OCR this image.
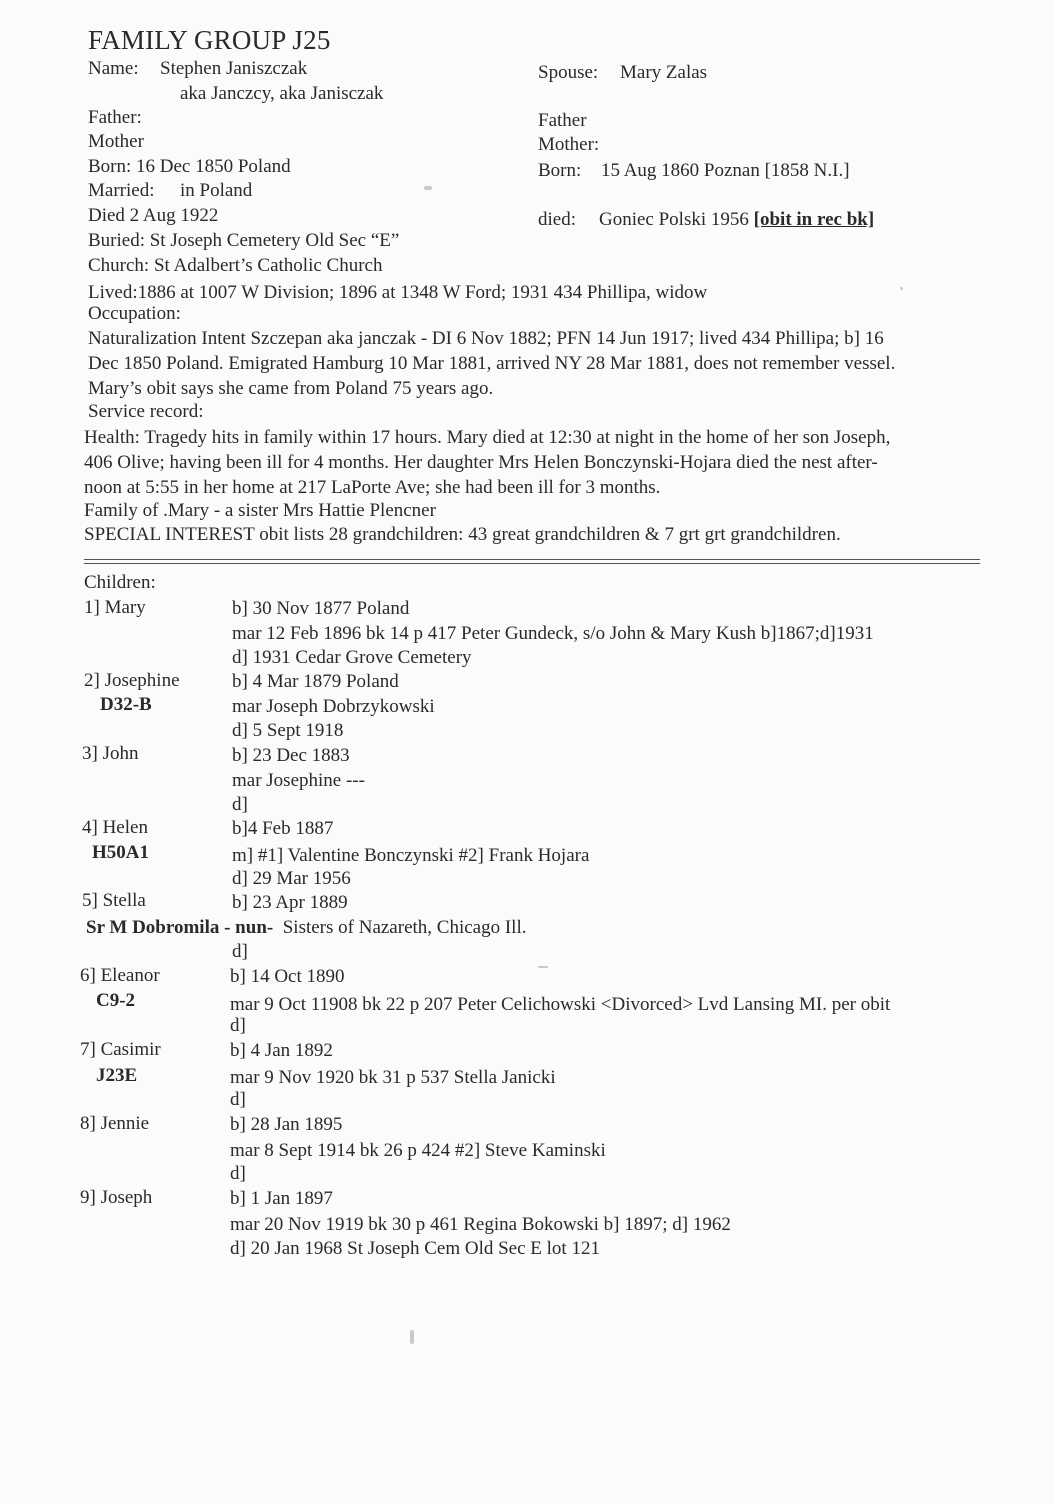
FAMILY GROUP J25
Name: Stephen Janiszczak
aka Janczcy, aka Janisczak
Father:
Mother
Born: 16 Dec 1850 Poland
Married: in Poland
Died 2 Aug 1922
Buried: St Joseph Cemetery Old Sec “E”
Church: St Adalbert’s Catholic Church
Spouse: Mary Zalas
Father
Mother:
Born: 15 Aug 1860 Poznan [1858 N.I.]
died: Goniec Polski 1956 [obit in rec bk]
Lived:1886 at 1007 W Division; 1896 at 1348 W Ford; 1931 434 Phillipa, widow
Occupation:
Naturalization Intent Szczepan aka janczak - DI 6 Nov 1882; PFN 14 Jun 1917; lived 434 Phillipa; b] 16
Dec 1850 Poland. Emigrated Hamburg 10 Mar 1881, arrived NY 28 Mar 1881, does not remember vessel.
Mary’s obit says she came from Poland 75 years ago.
Service record:
Health: Tragedy hits in family within 17 hours. Mary died at 12:30 at night in the home of her son Joseph,
406 Olive; having been ill for 4 months. Her daughter Mrs Helen Bonczynski-Hojara died the nest after-
noon at 5:55 in her home at 217 LaPorte Ave; she had been ill for 3 months.
Family of .Mary - a sister Mrs Hattie Plencner
SPECIAL INTEREST obit lists 28 grandchildren: 43 great grandchildren & 7 grt grt grandchildren.
Children:
1] Mary	b] 30 Nov 1877 Poland
mar 12 Feb 1896 bk 14 p 417 Peter Gundeck, s/o John & Mary Kush b]1867;d]1931
d] 1931 Cedar Grove Cemetery
2] Josephine
D32-B
b] 4 Mar 1879 Poland
mar Joseph Dobrzykowski
d] 5 Sept 1918
3] John	b] 23 Dec 1883
mar Josephine ---
d]
4] Helen
H50A1
b]4 Feb 1887
m] #1] Valentine Bonczynski #2] Frank Hojara
d] 29 Mar 1956
5] Stella	b] 23 Apr 1889
Sr M Dobromila - nun- Sisters of Nazareth, Chicago Ill.
d]
6] Eleanor
C9-2
b] 14 Oct 1890
mar 9 Oct 11908 bk 22 p 207 Peter Celichowski <Divorced> Lvd Lansing MI. per obit
d]
7] Casimir
J23E
b] 4 Jan 1892
mar 9 Nov 1920 bk 31 p 537 Stella Janicki
d]
8] Jennie	b] 28 Jan 1895
mar 8 Sept 1914 bk 26 p 424 #2] Steve Kaminski
d]
9] Joseph	b] 1 Jan 1897
mar 20 Nov 1919 bk 30 p 461 Regina Bokowski b] 1897; d] 1962
d] 20 Jan 1968 St Joseph Cem Old Sec E lot 121
